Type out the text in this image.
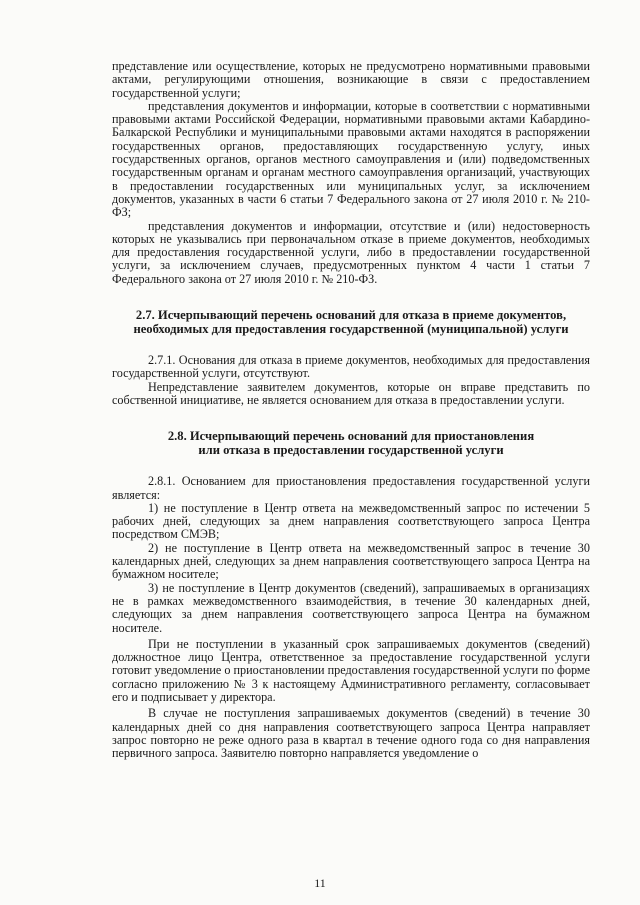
представление или осуществление, которых не предусмотрено нормативными правовыми актами, регулирующими отношения, возникающие в связи с предоставлением государственной услуги;

представления документов и информации, которые в соответствии с нормативными правовыми актами Российской Федерации, нормативными правовыми актами Кабардино-Балкарской Республики и муниципальными правовыми актами находятся в распоряжении государственных органов, предоставляющих государственную услугу, иных государственных органов, органов местного самоуправления и (или) подведомственных государственным органам и органам местного самоуправления организаций, участвующих в предоставлении государственных или муниципальных услуг, за исключением документов, указанных в части 6 статьи 7 Федерального закона от 27 июля 2010 г. № 210-ФЗ;

представления документов и информации, отсутствие и (или) недостоверность которых не указывались при первоначальном отказе в приеме документов, необходимых для предоставления государственной услуги, либо в предоставлении государственной услуги, за исключением случаев, предусмотренных пунктом 4 части 1 статьи 7 Федерального закона от 27 июля 2010 г. № 210-ФЗ.

2.7. Исчерпывающий перечень оснований для отказа в приеме документов, необходимых для предоставления государственной (муниципальной) услуги

2.7.1. Основания для отказа в приеме документов, необходимых для предоставления государственной услуги, отсутствуют.

Непредставление заявителем документов, которые он вправе представить по собственной инициативе, не является основанием для отказа в предоставлении услуги.

2.8. Исчерпывающий перечень оснований для приостановления

или отказа в предоставлении государственной услуги

2.8.1. Основанием для приостановления предоставления государственной услуги является:

1) не поступление в Центр ответа на межведомственный запрос по истечении 5 рабочих дней, следующих за днем направления соответствующего запроса Центра посредством СМЭВ;

2) не поступление в Центр ответа на межведомственный запрос в течение 30 календарных дней, следующих за днем направления соответствующего запроса Центра на бумажном носителе;

3) не поступление в Центр документов (сведений), запрашиваемых в организациях не в рамках межведомственного взаимодействия, в течение 30 календарных дней, следующих за днем направления соответствующего запроса Центра на бумажном носителе.

При не поступлении в указанный срок запрашиваемых документов (сведений) должностное лицо Центра, ответственное за предоставление государственной услуги готовит уведомление о приостановлении предоставления государственной услуги по форме согласно приложению № 3 к настоящему Административного регламенту, согласовывает его и подписывает у директора.

В случае не поступления запрашиваемых документов (сведений) в течение 30 календарных дней со дня направления соответствующего запроса Центра направляет запрос повторно не реже одного раза в квартал в течение одного года со дня направления первичного запроса. Заявителю повторно направляется уведомление о

11
